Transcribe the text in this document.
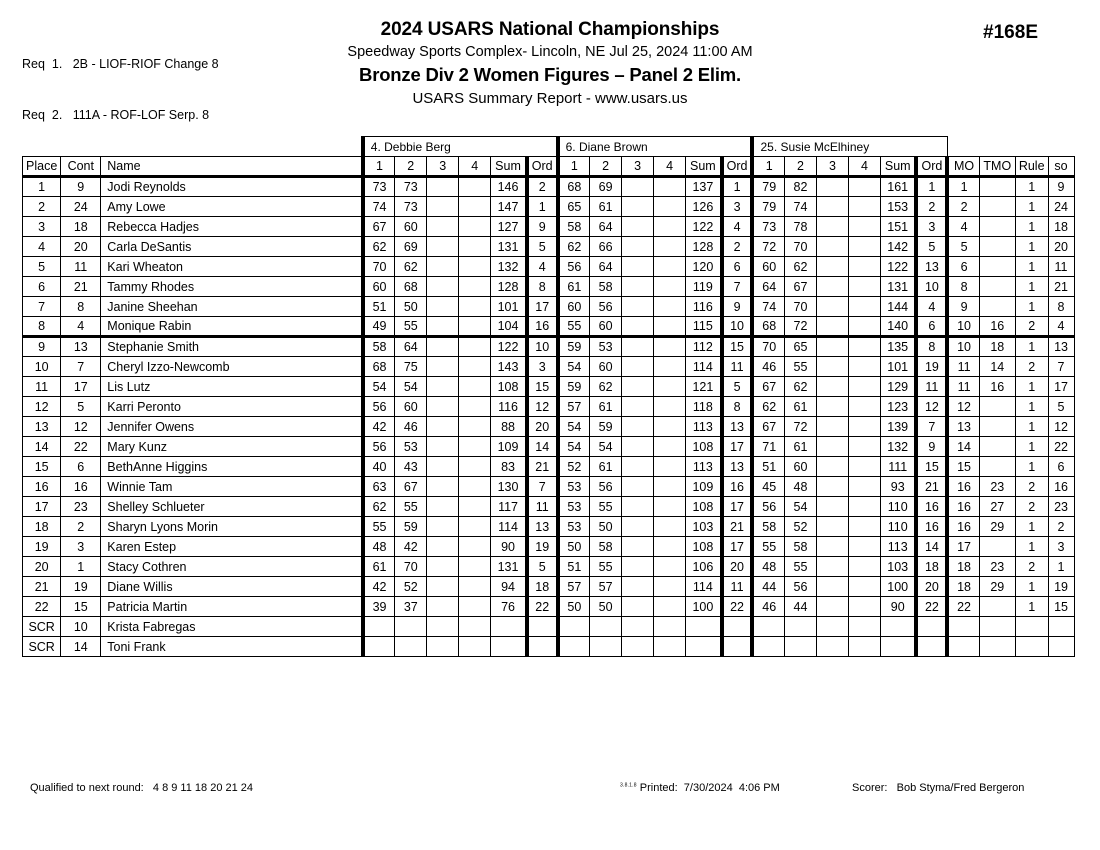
Req  1.   2B - LIOF-RIOF Change 8

Req  2.   111A - ROF-LOF Serp. 8

2024 USARS National Championships
Speedway Sports Complex- Lincoln, NE Jul 25, 2024 11:00 AM
Bronze Div 2 Women Figures – Panel 2 Elim.
USARS Summary Report - www.usars.us
#168E
			4. Debbie Berg						6. Diane Brown						25. Susie McElhiney									
Place	Cont	Name	1	2	3	4	Sum	Ord	1	2	3	4	Sum	Ord	1	2	3	4	Sum	Ord	MO	TMO	Rule	so
1	9	Jodi Reynolds	73	73			146	2	68	69			137	1	79	82			161	1	1		1	9
2	24	Amy Lowe	74	73			147	1	65	61			126	3	79	74			153	2	2		1	24
3	18	Rebecca Hadjes	67	60			127	9	58	64			122	4	73	78			151	3	4		1	18
4	20	Carla DeSantis	62	69			131	5	62	66			128	2	72	70			142	5	5		1	20
5	11	Kari Wheaton	70	62			132	4	56	64			120	6	60	62			122	13	6		1	11
6	21	Tammy Rhodes	60	68			128	8	61	58			119	7	64	67			131	10	8		1	21
7	8	Janine Sheehan	51	50			101	17	60	56			116	9	74	70			144	4	9		1	8
8	4	Monique Rabin	49	55			104	16	55	60			115	10	68	72			140	6	10	16	2	4
9	13	Stephanie Smith	58	64			122	10	59	53			112	15	70	65			135	8	10	18	1	13
10	7	Cheryl Izzo-Newcomb	68	75			143	3	54	60			114	11	46	55			101	19	11	14	2	7
11	17	Lis Lutz	54	54			108	15	59	62			121	5	67	62			129	11	11	16	1	17
12	5	Karri Peronto	56	60			116	12	57	61			118	8	62	61			123	12	12		1	5
13	12	Jennifer Owens	42	46			88	20	54	59			113	13	67	72			139	7	13		1	12
14	22	Mary Kunz	56	53			109	14	54	54			108	17	71	61			132	9	14		1	22
15	6	BethAnne Higgins	40	43			83	21	52	61			113	13	51	60			111	15	15		1	6
16	16	Winnie Tam	63	67			130	7	53	56			109	16	45	48			93	21	16	23	2	16
17	23	Shelley Schlueter	62	55			117	11	53	55			108	17	56	54			110	16	16	27	2	23
18	2	Sharyn Lyons Morin	55	59			114	13	53	50			103	21	58	52			110	16	16	29	1	2
19	3	Karen Estep	48	42			90	19	50	58			108	17	55	58			113	14	17		1	3
20	1	Stacy Cothren	61	70			131	5	51	55			106	20	48	55			103	18	18	23	2	1
21	19	Diane Willis	42	52			94	18	57	57			114	11	44	56			100	20	18	29	1	19
22	15	Patricia Martin	39	37			76	22	50	50			100	22	46	44			90	22	22		1	15
SCR	10	Krista Fabregas																						
SCR	14	Toni Frank																						
Qualified to next round:   4 8 9 11 18 20 21 24	$^{3.8.1.8}$ Printed:  7/30/2024  4:06 PM	Scorer:   Bob Styma/Fred Bergeron
